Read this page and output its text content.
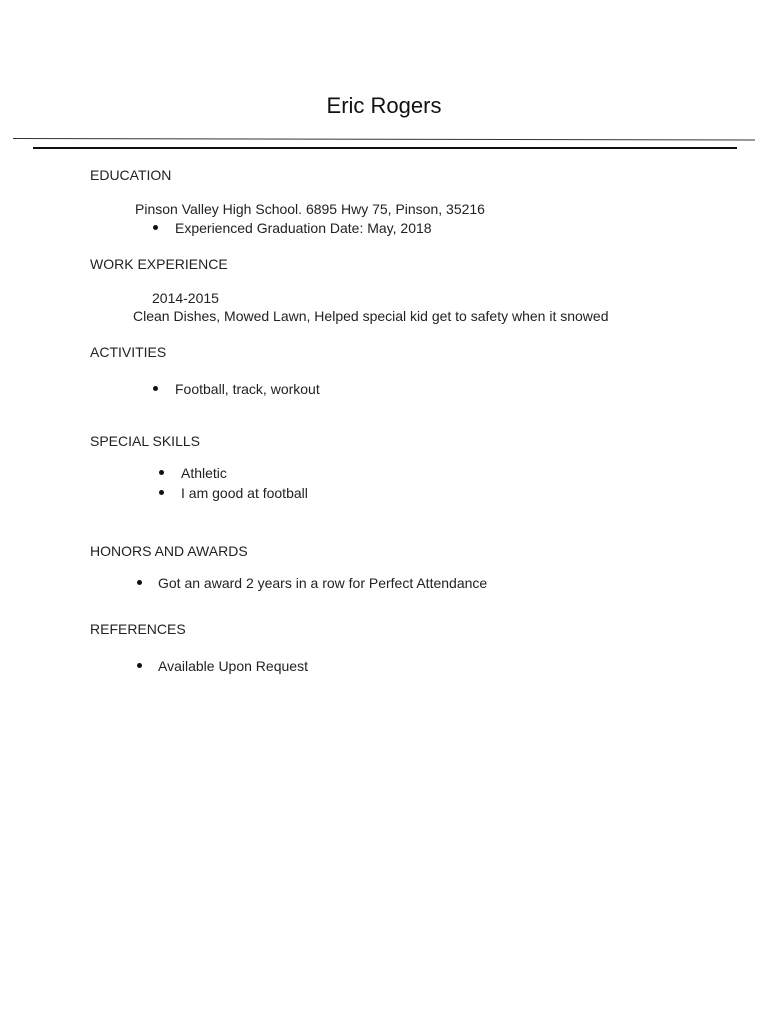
Eric Rogers
EDUCATION
Pinson Valley High School. 6895 Hwy 75, Pinson, 35216
Experienced Graduation Date: May, 2018
WORK EXPERIENCE
2014-2015
Clean Dishes, Mowed Lawn, Helped special kid get to safety when it snowed
ACTIVITIES
Football, track, workout
SPECIAL SKILLS
Athletic
I am good at football
HONORS AND AWARDS
Got an award 2 years in a row for Perfect Attendance
REFERENCES
Available Upon Request
